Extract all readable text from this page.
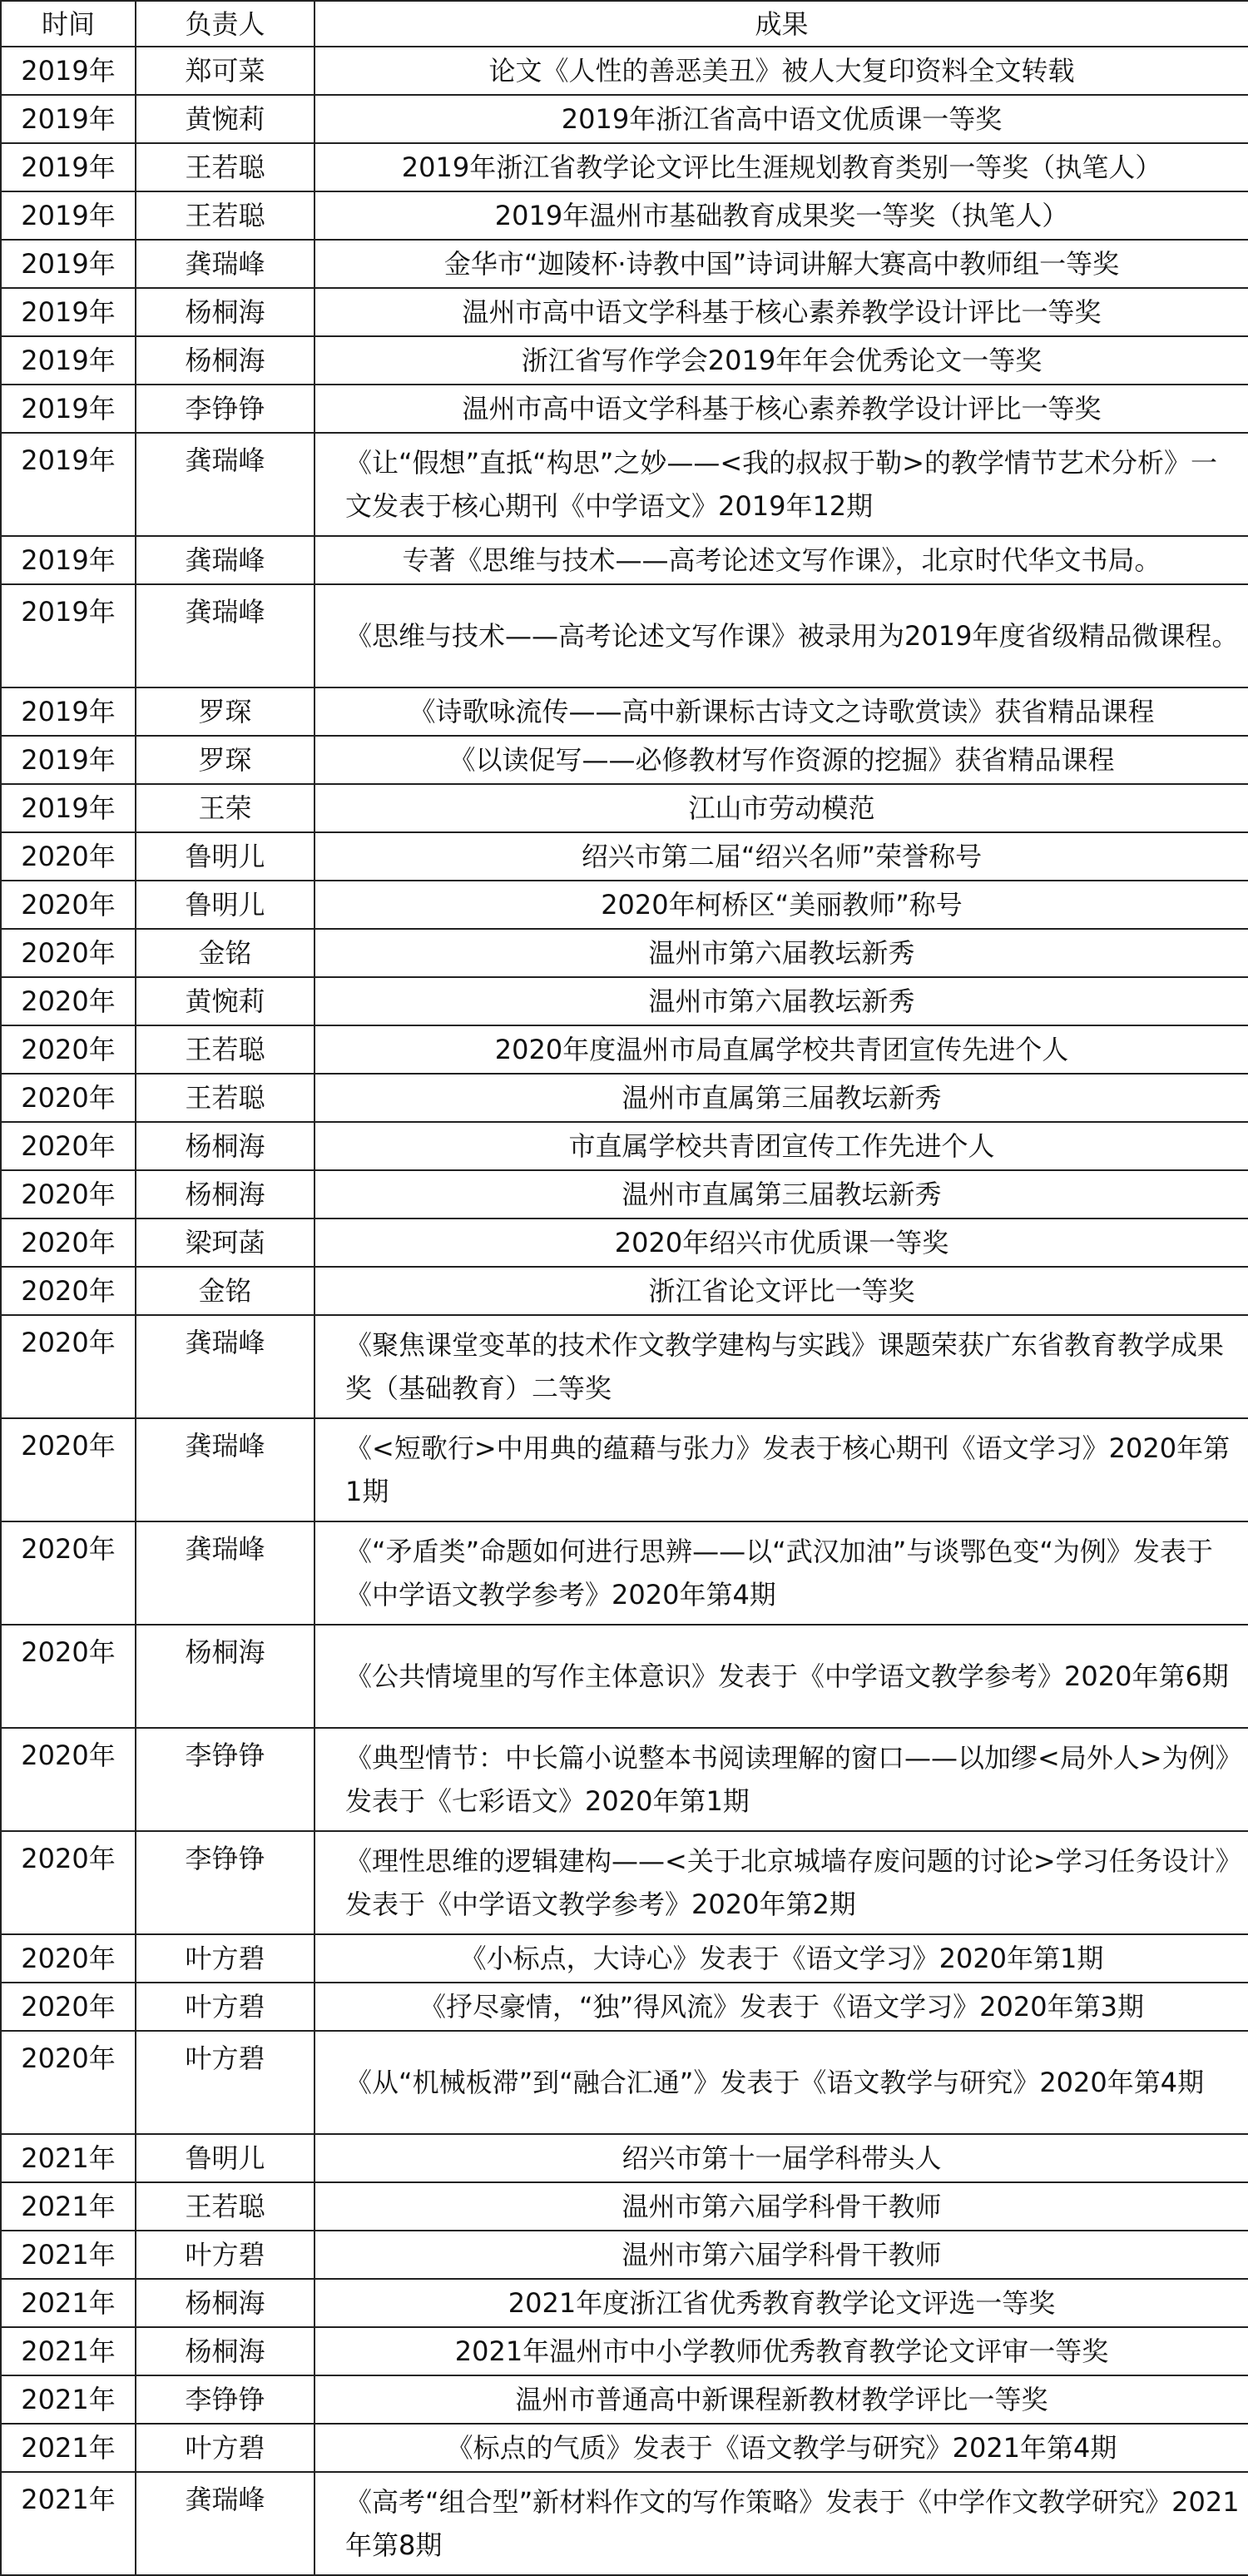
时间	负责人	成果
2019年	郑可菜	论文《人性的善恶美丑》被人大复印资料全文转载
2019年	黄惋莉	2019年浙江省高中语文优质课一等奖
2019年	王若聪	2019年浙江省教学论文评比生涯规划教育类别一等奖（执笔人）
2019年	王若聪	2019年温州市基础教育成果奖一等奖（执笔人）
2019年	龚瑞峰	金华市“迦陵杯·诗教中国”诗词讲解大赛高中教师组一等奖
2019年	杨桐海	温州市高中语文学科基于核心素养教学设计评比一等奖
2019年	杨桐海	浙江省写作学会2019年年会优秀论文一等奖
2019年	李铮铮	温州市高中语文学科基于核心素养教学设计评比一等奖
2019年	龚瑞峰	《让“假想”直抵“构思”之妙——<我的叔叔于勒>的教学情节艺术分析》一文发表于核心期刊《中学语文》2019年12期
2019年	龚瑞峰	专著《思维与技术——高考论述文写作课》，北京时代华文书局。
2019年	龚瑞峰	《思维与技术——高考论述文写作课》被录用为2019年度省级精品微课程。
2019年	罗琛	《诗歌咏流传——高中新课标古诗文之诗歌赏读》获省精品课程
2019年	罗琛	《以读促写——必修教材写作资源的挖掘》获省精品课程
2019年	王荣	江山市劳动模范
2020年	鲁明儿	绍兴市第二届“绍兴名师”荣誉称号
2020年	鲁明儿	2020年柯桥区“美丽教师”称号
2020年	金铭	温州市第六届教坛新秀
2020年	黄惋莉	温州市第六届教坛新秀
2020年	王若聪	2020年度温州市局直属学校共青团宣传先进个人
2020年	王若聪	温州市直属第三届教坛新秀
2020年	杨桐海	市直属学校共青团宣传工作先进个人
2020年	杨桐海	温州市直属第三届教坛新秀
2020年	梁珂菡	2020年绍兴市优质课一等奖
2020年	金铭	浙江省论文评比一等奖
2020年	龚瑞峰	《聚焦课堂变革的技术作文教学建构与实践》课题荣获广东省教育教学成果奖（基础教育）二等奖
2020年	龚瑞峰	《<短歌行>中用典的蕴藉与张力》发表于核心期刊《语文学习》2020年第1期
2020年	龚瑞峰	《“矛盾类”命题如何进行思辨——以“武汉加油”与谈鄂色变“为例》发表于《中学语文教学参考》2020年第4期
2020年	杨桐海	《公共情境里的写作主体意识》发表于《中学语文教学参考》2020年第6期
2020年	李铮铮	《典型情节：中长篇小说整本书阅读理解的窗口——以加缪<局外人>为例》发表于《七彩语文》2020年第1期
2020年	李铮铮	《理性思维的逻辑建构——<关于北京城墙存废问题的讨论>学习任务设计》发表于《中学语文教学参考》2020年第2期
2020年	叶方碧	《小标点，大诗心》发表于《语文学习》2020年第1期
2020年	叶方碧	《抒尽豪情，“独”得风流》发表于《语文学习》2020年第3期
2020年	叶方碧	《从“机械板滞”到“融合汇通”》发表于《语文教学与研究》2020年第4期
2021年	鲁明儿	绍兴市第十一届学科带头人
2021年	王若聪	温州市第六届学科骨干教师
2021年	叶方碧	温州市第六届学科骨干教师
2021年	杨桐海	2021年度浙江省优秀教育教学论文评选一等奖
2021年	杨桐海	2021年温州市中小学教师优秀教育教学论文评审一等奖
2021年	李铮铮	温州市普通高中新课程新教材教学评比一等奖
2021年	叶方碧	《标点的气质》发表于《语文教学与研究》2021年第4期
2021年	龚瑞峰	《高考“组合型”新材料作文的写作策略》发表于《中学作文教学研究》2021年第8期
